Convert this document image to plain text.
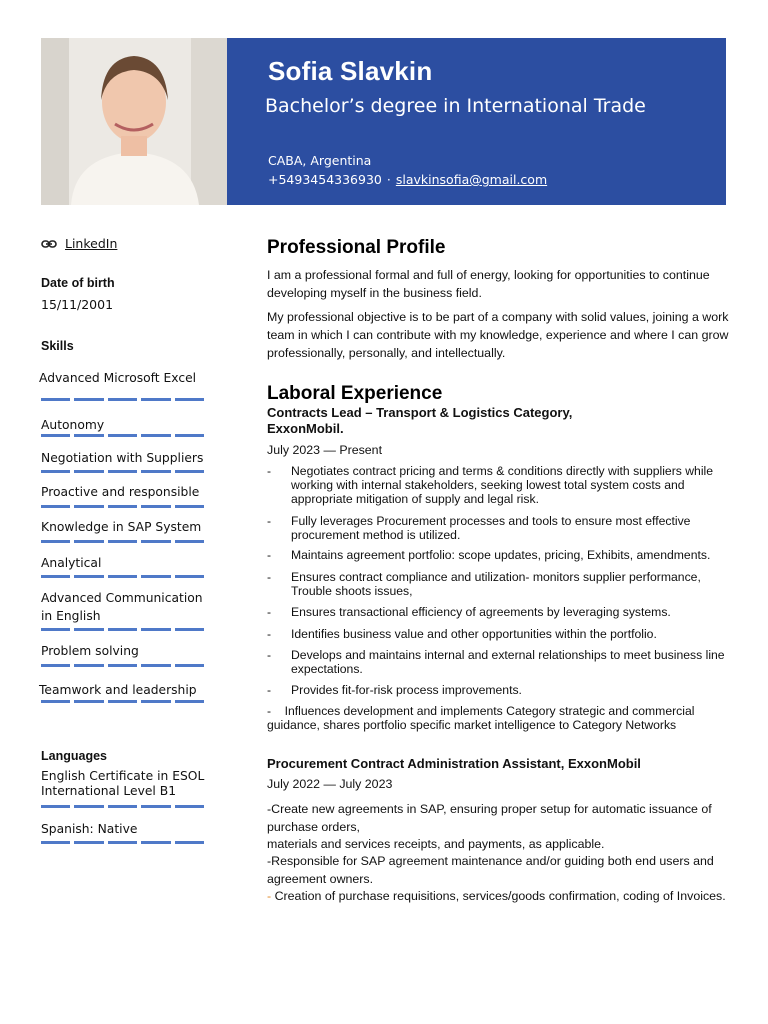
Sofia Slavkin
Bachelor’s degree in International Trade
CABA, Argentina
+5493454336930 · slavkinsofia@gmail.com
LinkedIn
Date of birth
15/11/2001
Skills
Advanced Microsoft Excel
Autonomy
Negotiation with Suppliers
Proactive and responsible
Knowledge in SAP System
Analytical
Advanced Communication in English
Problem solving
Teamwork and leadership
Languages
English Certificate in ESOL International Level B1
Spanish: Native
Professional Profile

I am a professional formal and full of energy, looking for opportunities to continue developing myself in the business field.

My professional objective is to be part of a company with solid values, joining a work team in which I can contribute with my knowledge, experience and where I can grow professionally, personally, and intellectually.

Laboral Experience
Contracts Lead – Transport & Logistics Category,
ExxonMobil.
July 2023 — Present
-	Negotiates contract pricing and terms & conditions directly with suppliers while working with internal stakeholders, seeking lowest total system costs and appropriate mitigation of supply and legal risk.
-	Fully leverages Procurement processes and tools to ensure most effective procurement method is utilized.
-	Maintains agreement portfolio: scope updates, pricing, Exhibits, amendments.
-	Ensures contract compliance and utilization- monitors supplier performance, Trouble shoots issues,
-	Ensures transactional efficiency of agreements by leveraging systems.
-	Identifies business value and other opportunities within the portfolio.
-	Develops and maintains internal and external relationships to meet business line expectations.
-	Provides fit-for-risk process improvements.
-    Influences development and implements Category strategic and commercial guidance, shares portfolio specific market intelligence to Category Networks
Procurement Contract Administration Assistant, ExxonMobil
July 2022 — July 2023
-Create new agreements in SAP, ensuring proper setup for automatic issuance of purchase orders,
materials and services receipts, and payments, as applicable.
-Responsible for SAP agreement maintenance and/or guiding both end users and agreement owners.
- Creation of purchase requisitions, services/goods confirmation, coding of Invoices.
